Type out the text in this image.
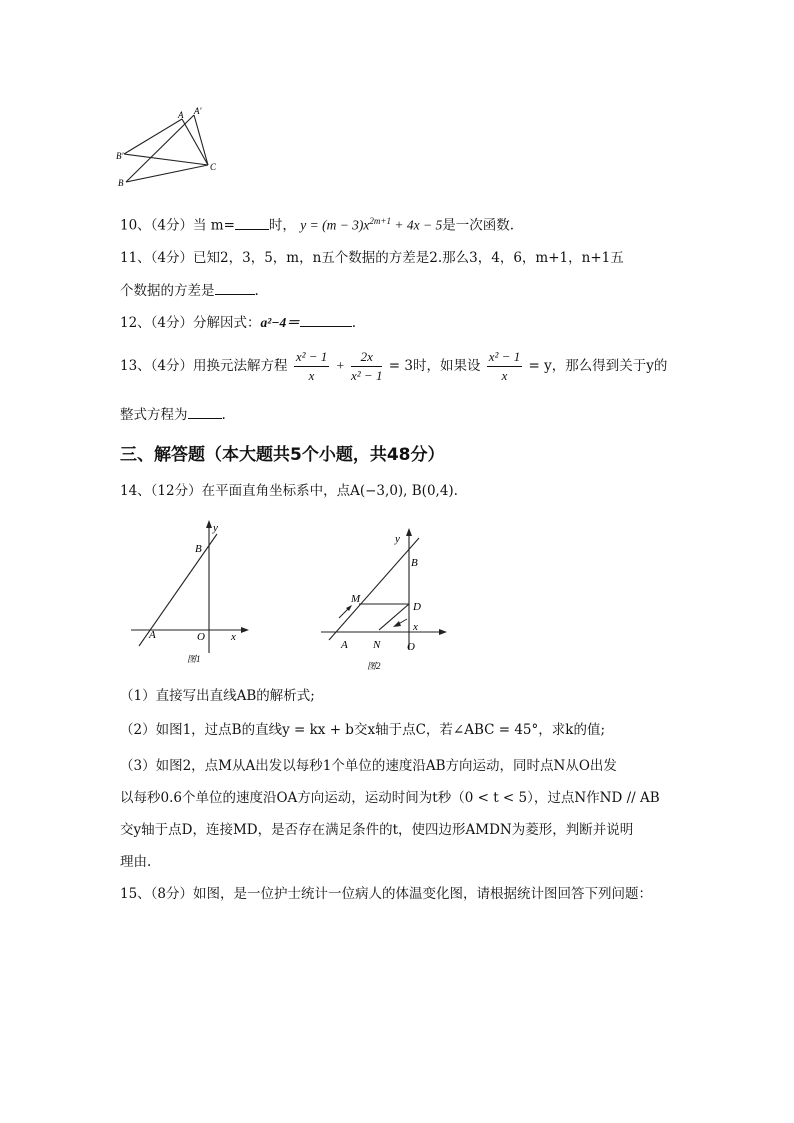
A A'
B'
B
C
10、（4分）当 m=	时， $y = (m - 3)x^{2m+1} + 4x - 5$是一次函数.
11、（4分）已知2，3，5，m，n五个数据的方差是2.那么3，4，6，m+1，n+1五
个数据的方差是	.
12、（4分）分解因式：a²−4＝	.
13、（4分）用换元法解方程 $\frac{\text{x² − 1}}{x} + \frac{2x}{\text{x² − 1}} = 3$时，如果设 $\frac{\text{x² − 1}}{x} = y$，那么得到关于y的
整式方程为	.
三、解答题（本大题共5个小题，共48分）
14、（12分）在平面直角坐标系中，点A(−3,0), B(0,4).
y
B
A	O x
图1
y
B
M
D
x
A N O
图2
（1）直接写出直线AB的解析式;
（2）如图1，过点B的直线y = kx + b交x轴于点C，若∠ABC = 45°，求k的值;
（3）如图2，点M从A出发以每秒1个单位的速度沿AB方向运动，同时点N从O出发
以每秒0.6个单位的速度沿OA方向运动，运动时间为t秒（0 < t < 5），过点N作ND // AB
交y轴于点D，连接MD，是否存在满足条件的t，使四边形AMDN为菱形，判断并说明
理由.
15、（8分）如图，是一位护士统计一位病人的体温变化图，请根据统计图回答下列问题：
